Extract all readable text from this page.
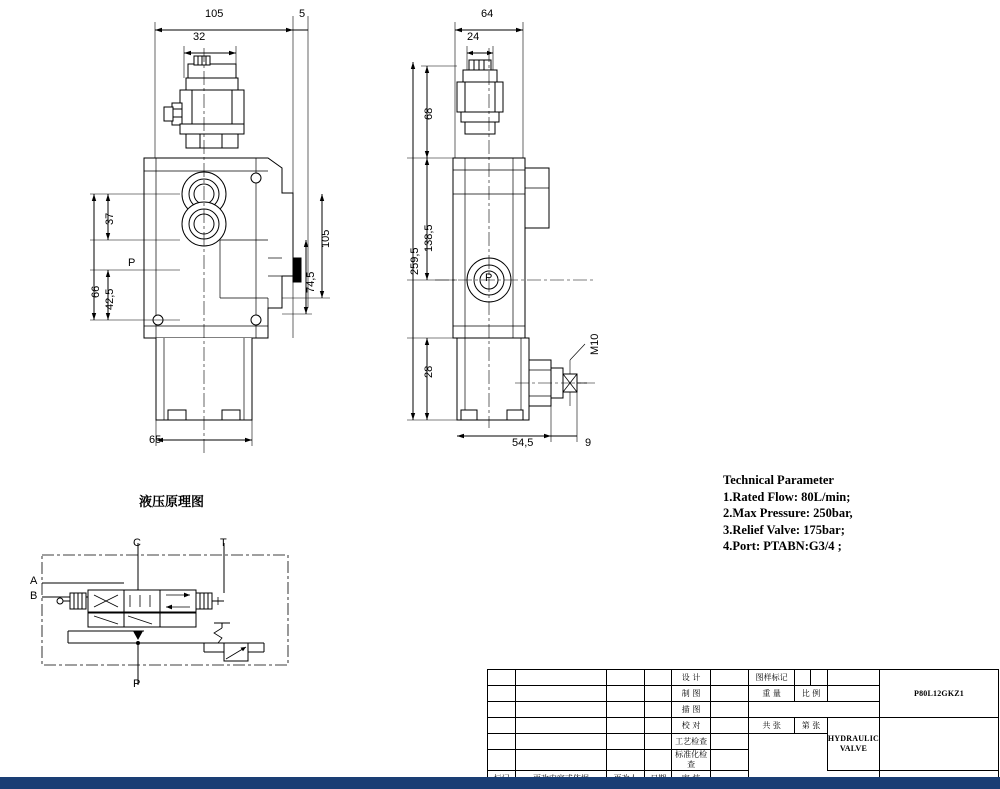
105	5
32
37
66 42,5
105
74,5
65
P
64
24
68
259,5
138,5
28
54,5	9
M10
P
液压原理图
C	T
A
B
P
Technical Parameter
1.Rated Flow: 80L/min;
2.Max Pressure: 250bar,
3.Relief Valve: 175bar;
4.Port: PTABN:G3/4 ;
				设 计		图样标记				P80L12GKZ1
				制 图		重 量	比 例			
				描 图						
				校 对		共 张	第 张		HYDRAULIC VALVE	
				工艺检查						
				标准化检查						
